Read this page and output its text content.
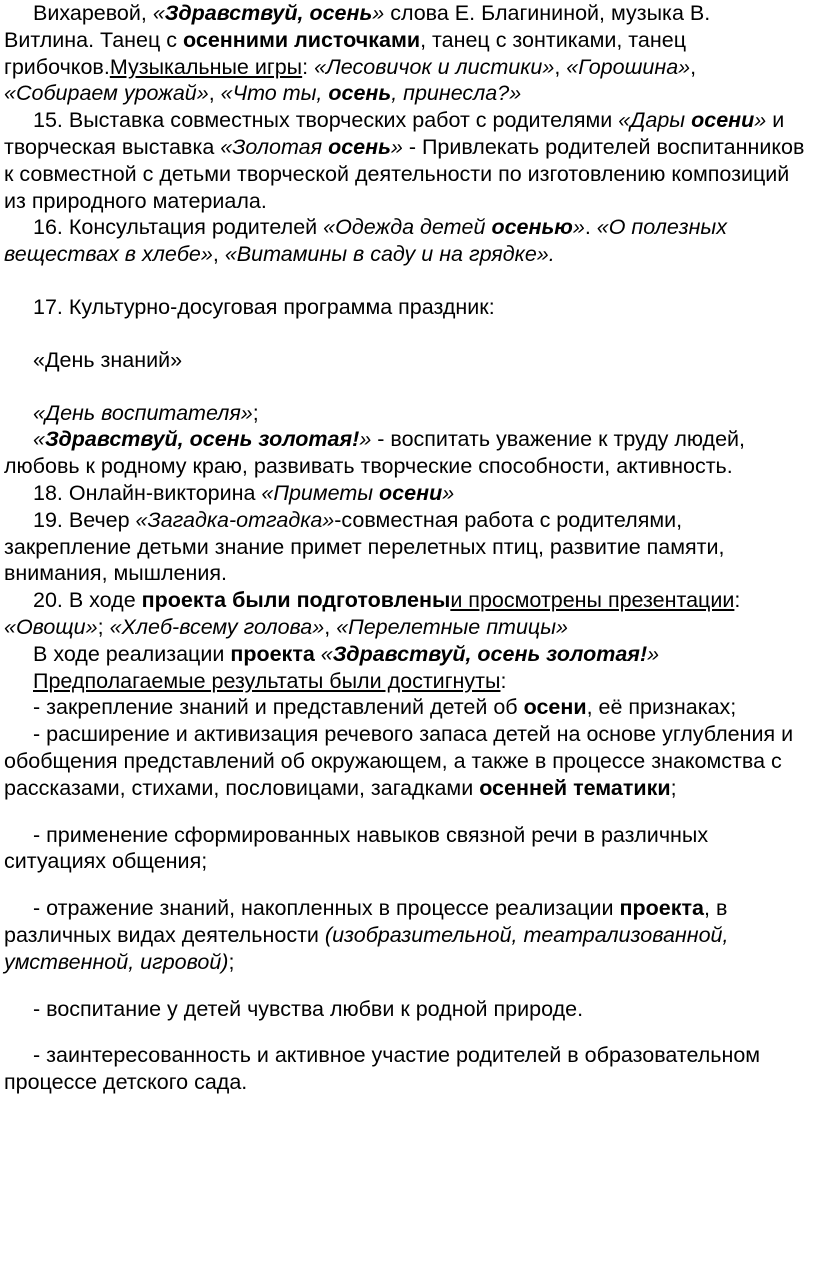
Вихаревой, «Здравствуй, осень» слова Е. Благининой, музыка В. Витлина. Танец с осенними листочками, танец с зонтиками, танец грибочков.Музыкальные игры: «Лесовичок и листики», «Горошина», «Собираем урожай», «Что ты, осень, принесла?»

15. Выставка совместных творческих работ с родителями «Дары осени» и творческая выставка «Золотая осень» - Привлекать родителей воспитанников к совместной с детьми творческой деятельности по изготовлению композиций из природного материала.

16. Консультация родителей «Одежда детей осенью». «О полезных веществах в хлебе», «Витамины в саду и на грядке».

17. Культурно-досуговая программа праздник:

«День знаний»

«День воспитателя»;

«Здравствуй, осень золотая!» - воспитать уважение к труду людей, любовь к родному краю, развивать творческие способности, активность.

18. Онлайн-викторина «Приметы осени»

19. Вечер «Загадка-отгадка»-совместная работа с родителями, закрепление детьми знание примет перелетных птиц, развитие памяти, внимания, мышления.

20. В ходе проекта были подготовленыи просмотрены презентации: «Овощи»; «Хлеб-всему голова», «Перелетные птицы»

В ходе реализации проекта «Здравствуй, осень золотая!»

Предполагаемые результаты были достигнуты:

- закрепление знаний и представлений детей об осени, её признаках;

- расширение и активизация речевого запаса детей на основе углубления и обобщения представлений об окружающем, а также в процессе знакомства с рассказами, стихами, пословицами, загадками осенней тематики;

- применение сформированных навыков связной речи в различных ситуациях общения;

- отражение знаний, накопленных в процессе реализации проекта, в различных видах деятельности (изобразительной, театрализованной, умственной, игровой);

- воспитание у детей чувства любви к родной природе.

- заинтересованность и активное участие родителей в образовательном процессе детского сада.
